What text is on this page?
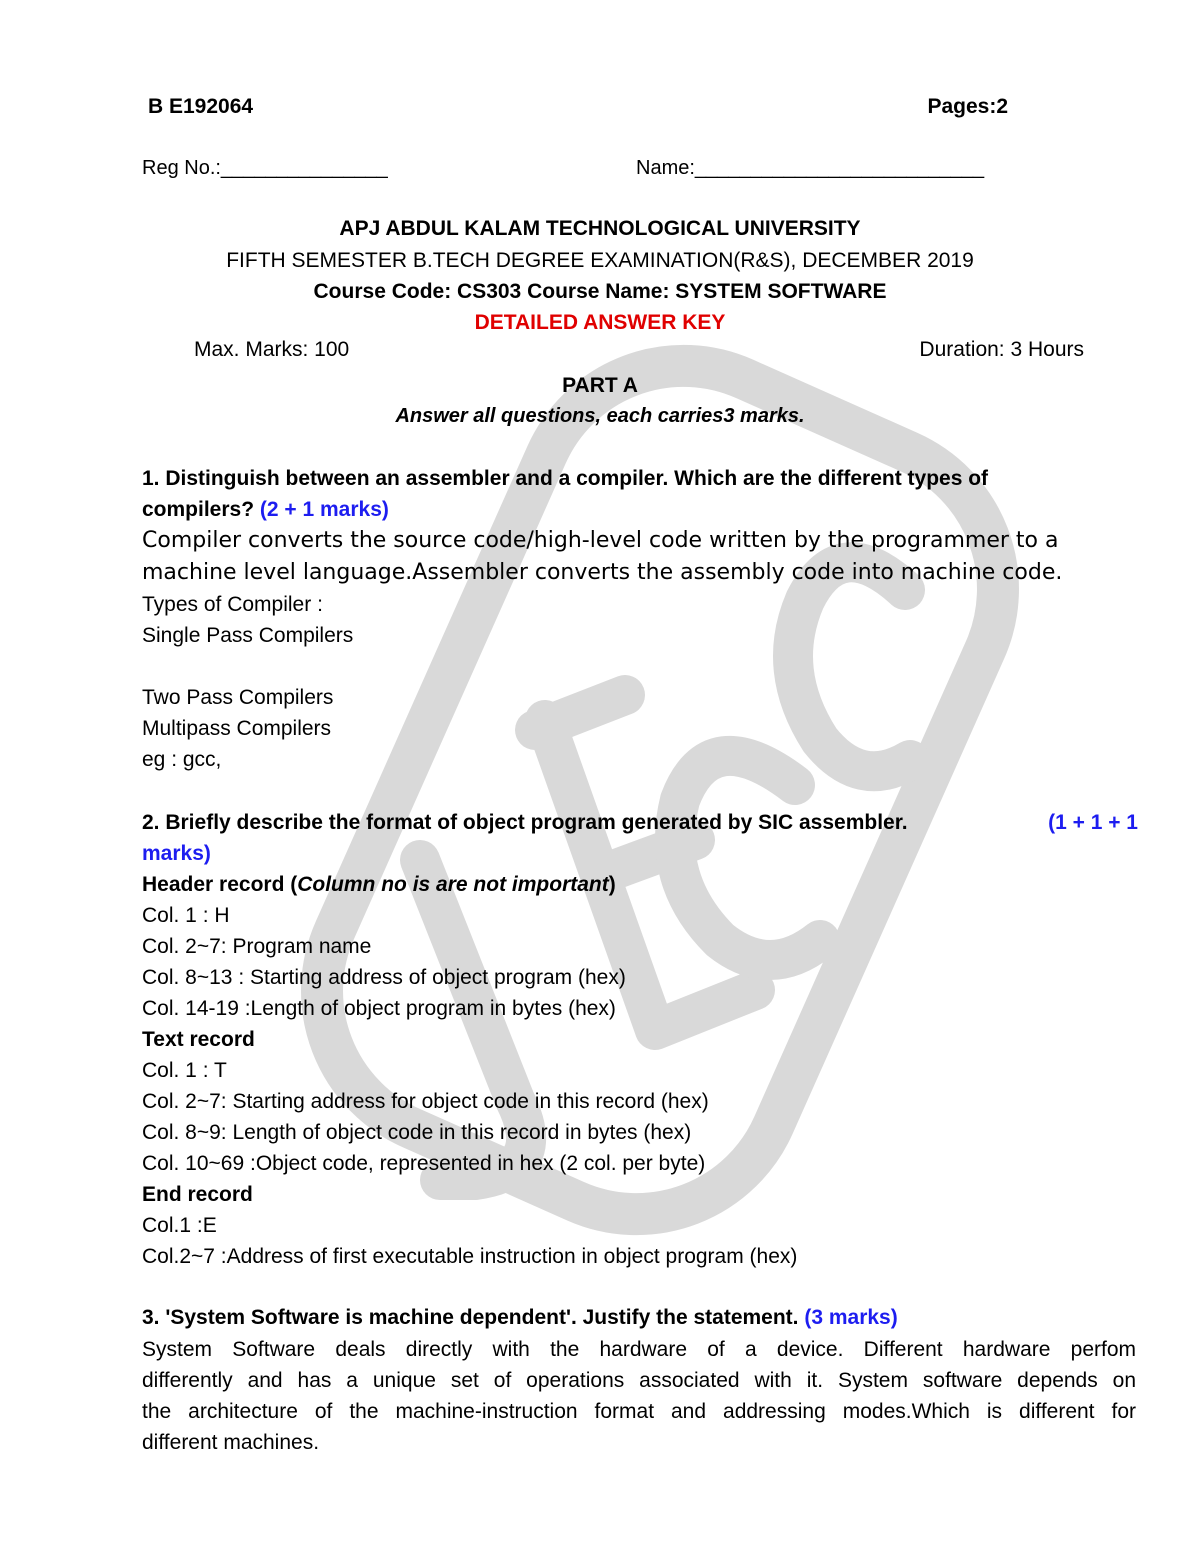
B E192064	Pages:2
Reg No.:_______________	Name:__________________________
APJ ABDUL KALAM TECHNOLOGICAL UNIVERSITY
FIFTH SEMESTER B.TECH DEGREE EXAMINATION(R&S), DECEMBER 2019
Course Code: CS303 Course Name: SYSTEM SOFTWARE
DETAILED ANSWER KEY
Max. Marks: 100	Duration: 3 Hours
PART A
Answer all questions, each carries3 marks.
1. Distinguish between an assembler and a compiler. Which are the different types of
compilers? (2 + 1 marks)
Compiler converts the source code/high-level code written by the programmer to a
machine level language.Assembler converts the assembly code into machine code.
Types of Compiler :
Single Pass Compilers
Two Pass Compilers
Multipass Compilers
eg : gcc,
2. Briefly describe the format of object program generated by SIC assembler.	(1 + 1 + 1
marks)
Header record (Column no is are not important)
Col. 1 : H
Col. 2~7: Program name
Col. 8~13 : Starting address of object program (hex)
Col. 14-19 :Length of object program in bytes (hex)
Text record
Col. 1 : T
Col. 2~7: Starting address for object code in this record (hex)
Col. 8~9: Length of object code in this record in bytes (hex)
Col. 10~69 :Object code, represented in hex (2 col. per byte)
End record
Col.1 :E
Col.2~7 :Address of first executable instruction in object program (hex)
3. 'System Software is machine dependent'. Justify the statement. (3 marks)
System Software deals directly with the hardware of a device. Different hardware perfom
differently and has a unique set of operations associated with it. System software depends on
the architecture of the machine-instruction format and addressing modes.Which is different for
different machines.
